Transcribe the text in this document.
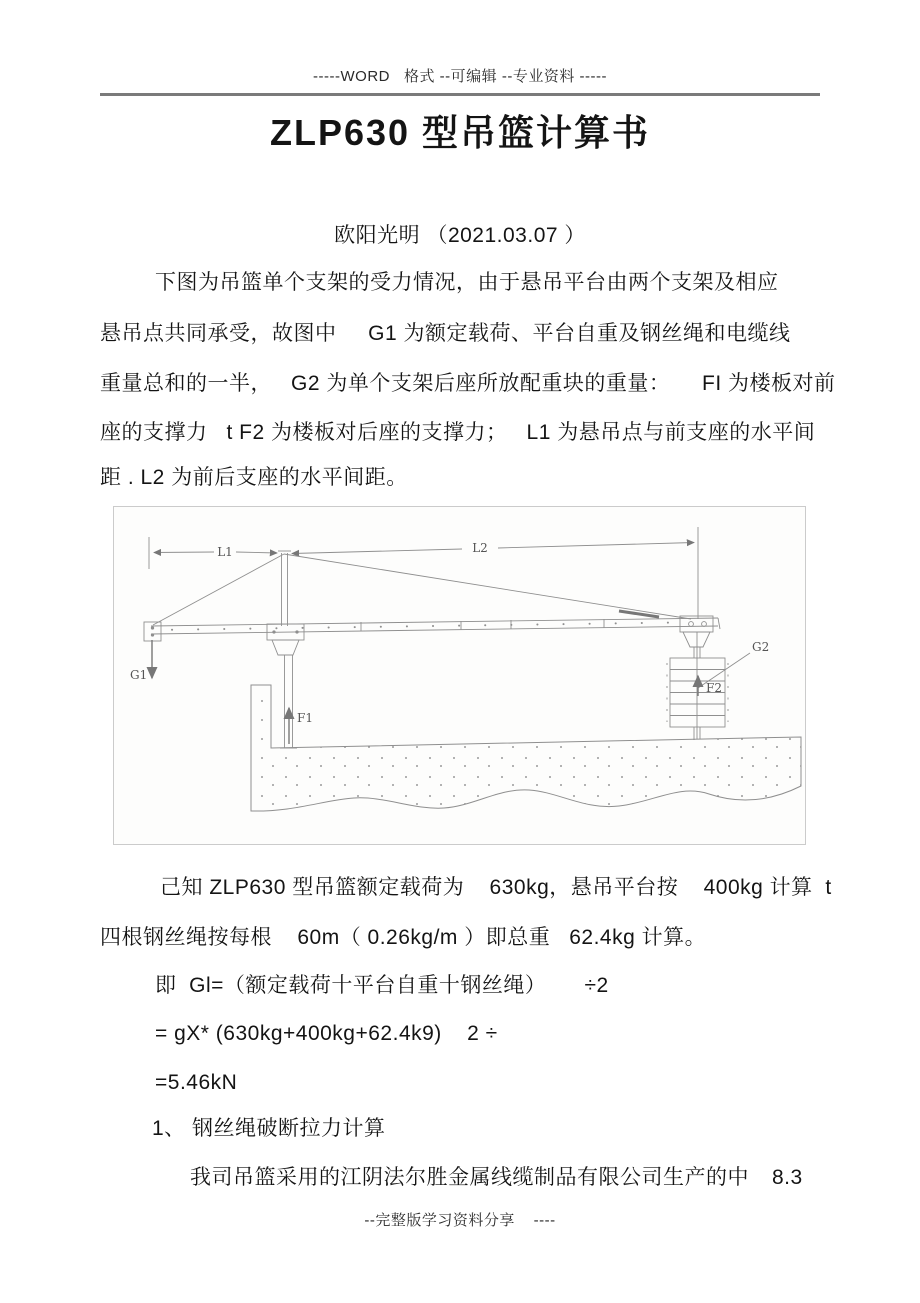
-----WORD   格式 --可编辑 --专业资料 -----
ZLP630 型吊篮计算书
欧阳光明 （2021.03.07 ）
下图为吊篮单个支架的受力情况，由于悬吊平台由两个支架及相应
悬吊点共同承受，故图中     G1 为额定载荷、平台自重及钢丝绳和电缆线
重量总和的一半，   G2 为单个支架后座所放配重块的重量：     FI 为楼板对前
座的支撑力   t F2 为楼板对后座的支撑力；   L1 为悬吊点与前支座的水平间
距 . L2 为前后支座的水平间距。
L1	L2
G1
G2
F1
F2
己知 ZLP630 型吊篮额定载荷为    630kg，悬吊平台按    400kg 计算  t
四根钢丝绳按每根    60m（ 0.26kg/m ）即总重   62.4kg 计算。
即  Gl=（额定载荷十平台自重十钢丝绳）      ÷2
= gX* (630kg+400kg+62.4k9)    2 ÷
=5.46kN
1、 钢丝绳破断拉力计算
我司吊篮采用的江阴法尔胜金属线缆制品有限公司生产的中 8.3
--完整版学习资料分享    ----
